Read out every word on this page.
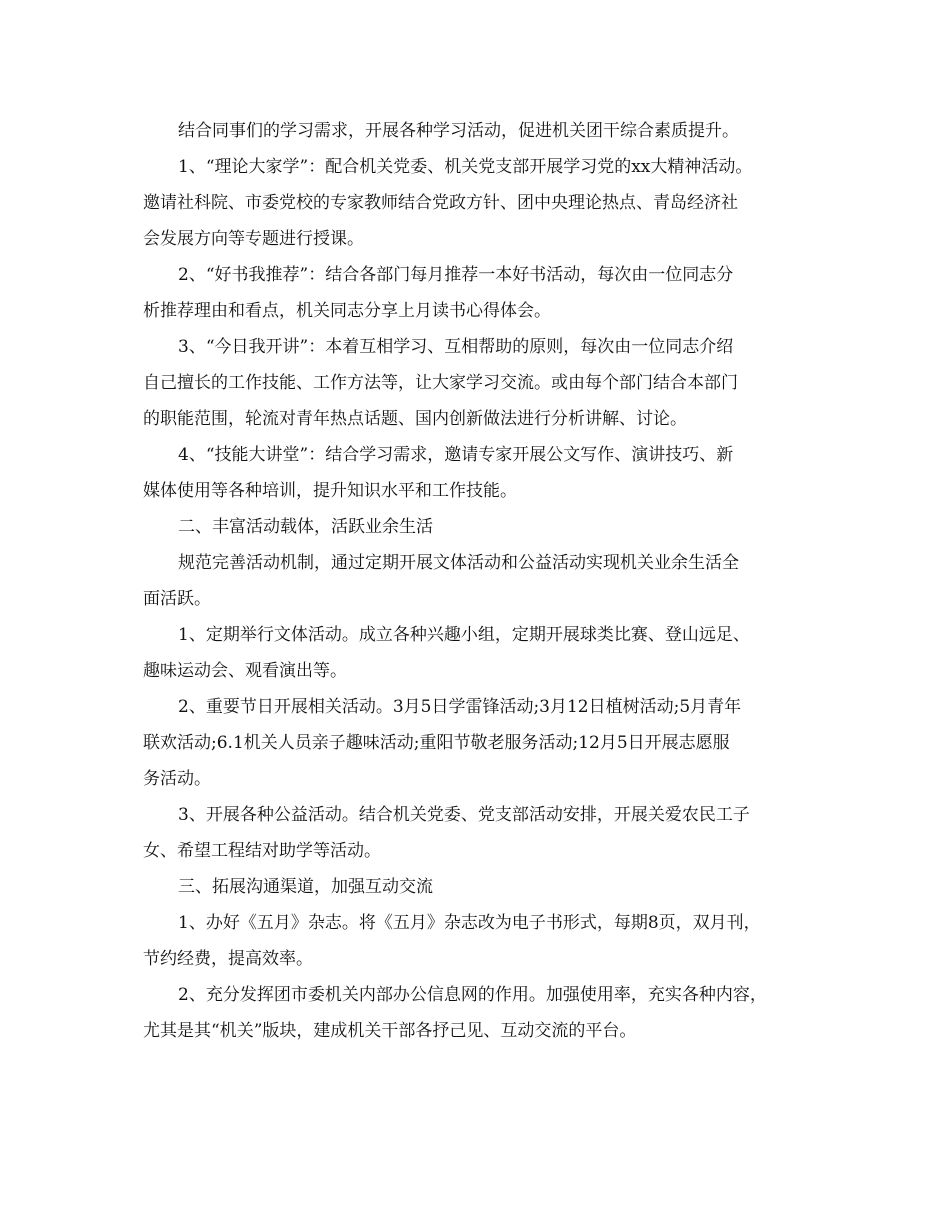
结合同事们的学习需求，开展各种学习活动，促进机关团干综合素质提升。
1、“理论大家学”：配合机关党委、机关党支部开展学习党的xx大精神活动。
邀请社科院、市委党校的专家教师结合党政方针、团中央理论热点、青岛经济社
会发展方向等专题进行授课。
2、“好书我推荐”：结合各部门每月推荐一本好书活动，每次由一位同志分
析推荐理由和看点，机关同志分享上月读书心得体会。
3、“今日我开讲”：本着互相学习、互相帮助的原则，每次由一位同志介绍
自己擅长的工作技能、工作方法等，让大家学习交流。或由每个部门结合本部门
的职能范围，轮流对青年热点话题、国内创新做法进行分析讲解、讨论。
4、“技能大讲堂”：结合学习需求，邀请专家开展公文写作、演讲技巧、新
媒体使用等各种培训，提升知识水平和工作技能。
二、丰富活动载体，活跃业余生活
规范完善活动机制，通过定期开展文体活动和公益活动实现机关业余生活全
面活跃。
1、定期举行文体活动。成立各种兴趣小组，定期开展球类比赛、登山远足、
趣味运动会、观看演出等。
2、重要节日开展相关活动。3月5日学雷锋活动;3月12日植树活动;5月青年
联欢活动;6.1机关人员亲子趣味活动;重阳节敬老服务活动;12月5日开展志愿服
务活动。
3、开展各种公益活动。结合机关党委、党支部活动安排，开展关爱农民工子
女、希望工程结对助学等活动。
三、拓展沟通渠道，加强互动交流
1、办好《五月》杂志。将《五月》杂志改为电子书形式，每期8页，双月刊，
节约经费，提高效率。
2、充分发挥团市委机关内部办公信息网的作用。加强使用率，充实各种内容，
尤其是其“机关”版块，建成机关干部各抒己见、互动交流的平台。
